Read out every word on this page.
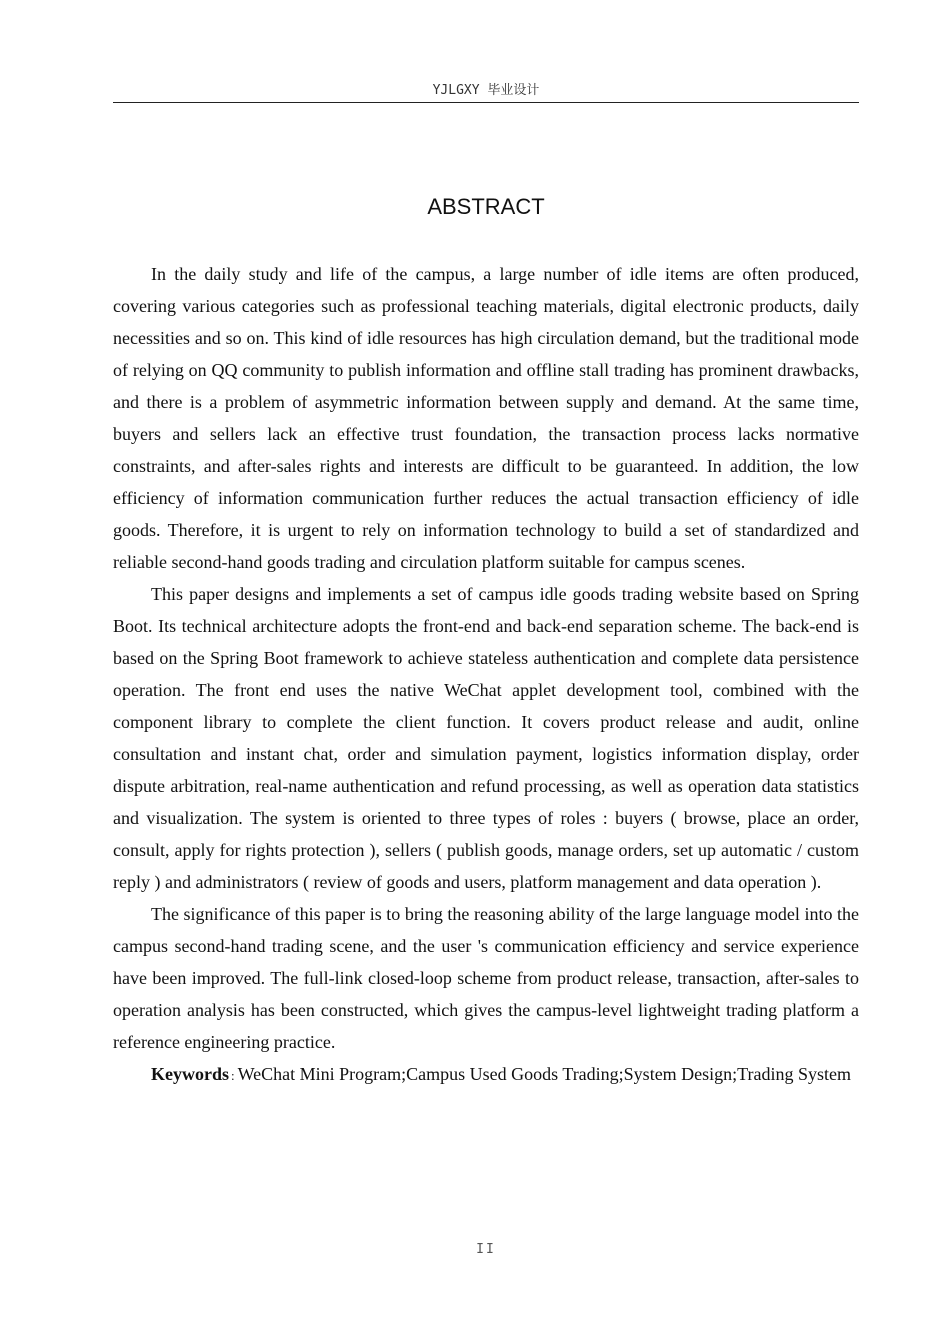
YJLGXY 毕业设计
ABSTRACT

In the daily study and life of the campus, a large number of idle items are often produced, covering various categories such as professional teaching materials, digital electronic products, daily necessities and so on. This kind of idle resources has high circulation demand, but the traditional mode of relying on QQ community to publish information and offline stall trading has prominent drawbacks, and there is a problem of asymmetric information between supply and demand. At the same time, buyers and sellers lack an effective trust foundation, the transaction process lacks normative constraints, and after-sales rights and interests are difficult to be guaranteed. In addition, the low efficiency of information communication further reduces the actual transaction efficiency of idle goods. Therefore, it is urgent to rely on information technology to build a set of standardized and reliable second-hand goods trading and circulation platform suitable for campus scenes.

This paper designs and implements a set of campus idle goods trading website based on Spring Boot. Its technical architecture adopts the front-end and back-end separation scheme. The back-end is based on the Spring Boot framework to achieve stateless authentication and complete data persistence operation. The front end uses the native WeChat applet development tool, combined with the component library to complete the client function. It covers product release and audit, online consultation and instant chat, order and simulation payment, logistics information display, order dispute arbitration, real-name authentication and refund processing, as well as operation data statistics and visualization. The system is oriented to three types of roles : buyers ( browse, place an order, consult, apply for rights protection ), sellers ( publish goods, manage orders, set up automatic / custom reply ) and administrators ( review of goods and users, platform management and data operation ).

The significance of this paper is to bring the reasoning ability of the large language model into the campus second-hand trading scene, and the user 's communication efficiency and service experience have been improved. The full-link closed-loop scheme from product release, transaction, after-sales to operation analysis has been constructed, which gives the campus-level lightweight trading platform a reference engineering practice.

Keywords : WeChat Mini Program;Campus Used Goods Trading;System Design;Trading System

II
